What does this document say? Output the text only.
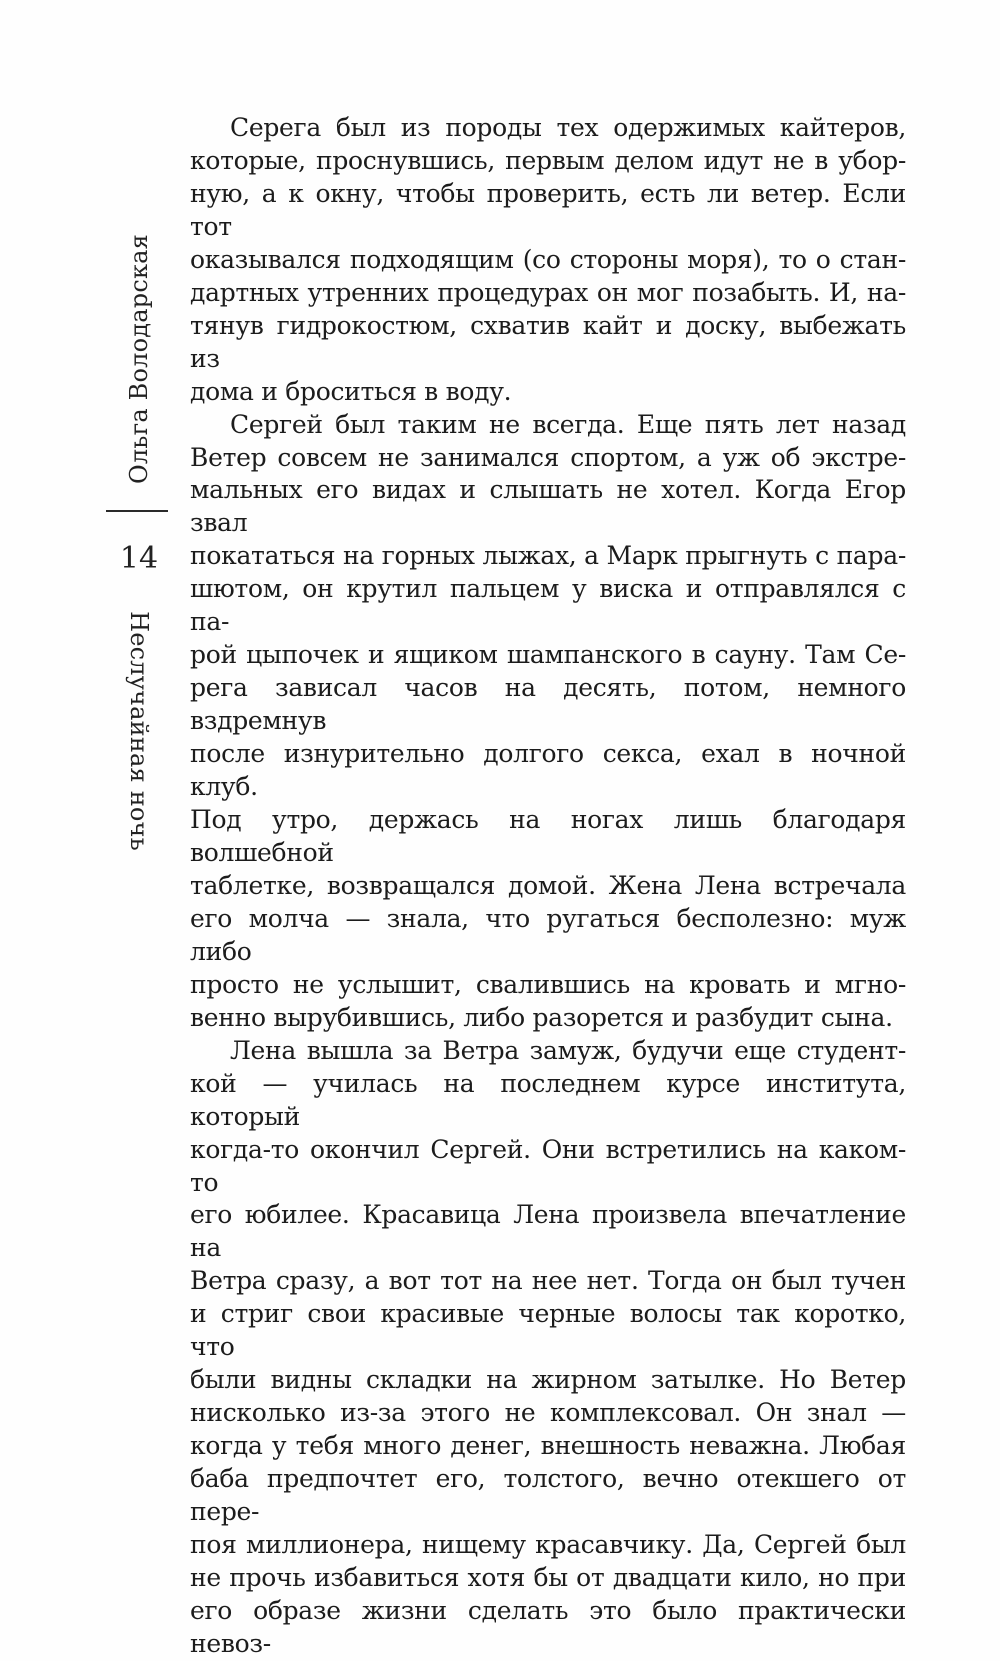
Ольга Володарская
14
Неслучайная ночь
Серега был из породы тех одержимых кайтеров,
которые, проснувшись, первым делом идут не в убор-
ную, а к окну, чтобы проверить, есть ли ветер. Если тот
оказывался подходящим (со стороны моря), то о стан-
дартных утренних процедурах он мог позабыть. И, на-
тянув гидрокостюм, схватив кайт и доску, выбежать из
дома и броситься в воду.
Сергей был таким не всегда. Еще пять лет назад
Ветер совсем не занимался спортом, а уж об экстре-
мальных его видах и слышать не хотел. Когда Егор звал
покататься на горных лыжах, а Марк прыгнуть с пара-
шютом, он крутил пальцем у виска и отправлялся с па-
рой цыпочек и ящиком шампанского в сауну. Там Се-
рега зависал часов на десять, потом, немного вздремнув
после изнурительно долгого секса, ехал в ночной клуб.
Под утро, держась на ногах лишь благодаря волшебной
таблетке, возвращался домой. Жена Лена встречала
его молча — знала, что ругаться бесполезно: муж либо
просто не услышит, свалившись на кровать и мгно-
венно вырубившись, либо разорется и разбудит сына.
Лена вышла за Ветра замуж, будучи еще студент-
кой — училась на последнем курсе института, который
когда-то окончил Сергей. Они встретились на каком-то
его юбилее. Красавица Лена произвела впечатление на
Ветра сразу, а вот тот на нее нет. Тогда он был тучен
и стриг свои красивые черные волосы так коротко, что
были видны складки на жирном затылке. Но Ветер
нисколько из-за этого не комплексовал. Он знал —
когда у тебя много денег, внешность неважна. Любая
баба предпочтет его, толстого, вечно отекшего от пере-
поя миллионера, нищему красавчику. Да, Сергей был
не прочь избавиться хотя бы от двадцати кило, но при
его образе жизни сделать это было практически невоз-
